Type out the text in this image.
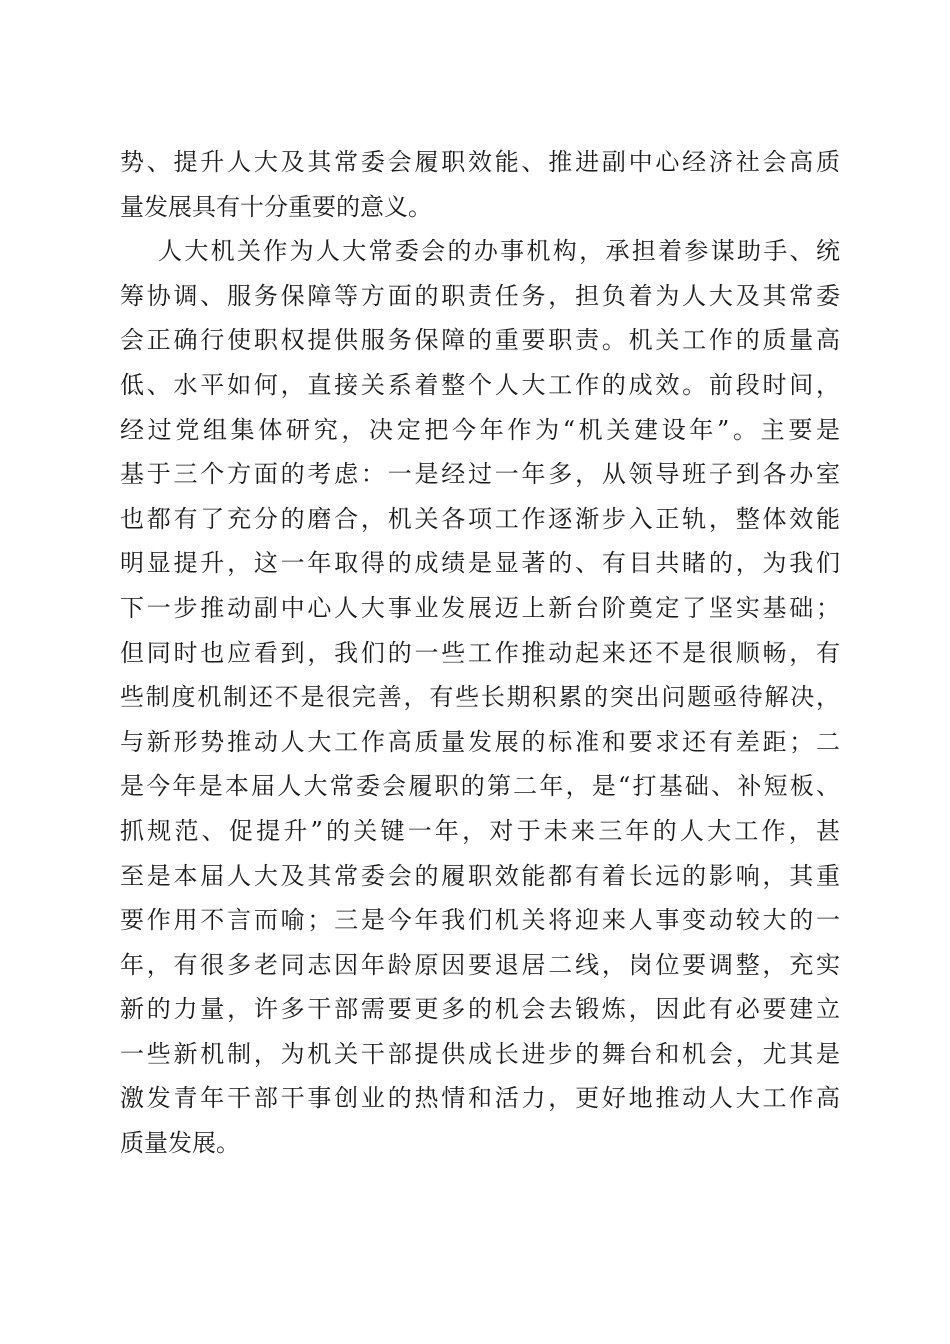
势、提升人大及其常委会履职效能、推进副中心经济社会高质
量发展具有十分重要的意义。
人大机关作为人大常委会的办事机构，承担着参谋助手、统
筹协调、服务保障等方面的职责任务，担负着为人大及其常委
会正确行使职权提供服务保障的重要职责。机关工作的质量高
低、水平如何，直接关系着整个人大工作的成效。前段时间，
经过党组集体研究，决定把今年作为“机关建设年”。主要是
基于三个方面的考虑：一是经过一年多，从领导班子到各办室
也都有了充分的磨合，机关各项工作逐渐步入正轨，整体效能
明显提升，这一年取得的成绩是显著的、有目共睹的，为我们
下一步推动副中心人大事业发展迈上新台阶奠定了坚实基础；
但同时也应看到，我们的一些工作推动起来还不是很顺畅，有
些制度机制还不是很完善，有些长期积累的突出问题亟待解决，
与新形势推动人大工作高质量发展的标准和要求还有差距；二
是今年是本届人大常委会履职的第二年，是“打基础、补短板、
抓规范、促提升”的关键一年，对于未来三年的人大工作，甚
至是本届人大及其常委会的履职效能都有着长远的影响，其重
要作用不言而喻；三是今年我们机关将迎来人事变动较大的一
年，有很多老同志因年龄原因要退居二线，岗位要调整，充实
新的力量，许多干部需要更多的机会去锻炼，因此有必要建立
一些新机制，为机关干部提供成长进步的舞台和机会，尤其是
激发青年干部干事创业的热情和活力，更好地推动人大工作高
质量发展。
